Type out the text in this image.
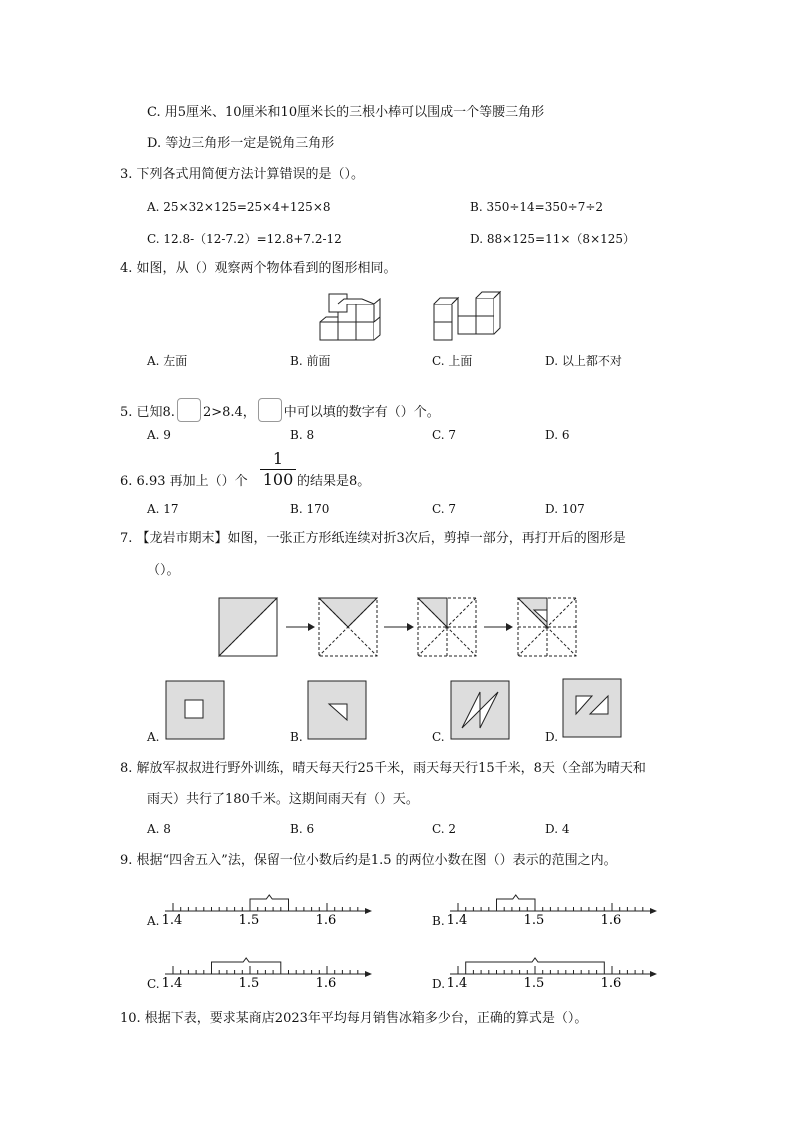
C. 用5厘米、10厘米和10厘米长的三根小棒可以围成一个等腰三角形
D. 等边三角形一定是锐角三角形
3. 下列各式用简便方法计算错误的是（）。
A. 25×32×125=25×4+125×8	B. 350÷14=350÷7÷2
C. 12.8-（12-7.2）=12.8+7.2-12	D. 88×125=11×（8×125）
4. 如图，从（）观察两个物体看到的图形相同。
A. 左面	B. 前面	C. 上面	D. 以上都不对
5. 已知8. 2>8.4， 中可以填的数字有（）个。
A. 9	B. 8	C. 7	D. 6
6. 6.93 再加上（）个
1
100 的结果是8。
A. 17	B. 170	C. 7	D. 107
7. 【龙岩市期末】如图，一张正方形纸连续对折3次后，剪掉一部分，再打开后的图形是
（）。
A.	B.	C.	D.
8. 解放军叔叔进行野外训练，晴天每天行25千米，雨天每天行15千米，8天（全部为晴天和
雨天）共行了180千米。这期间雨天有（）天。
A. 8	B. 6	C. 2	D. 4
9. 根据“四舍五入”法，保留一位小数后约是1.5 的两位小数在图（）表示的范围之内。
A. 1.4	1.5	1.6	B. 1.4	1.5	1.6
C. 1.4	1.5	1.6	D. 1.4	1.5	1.6
10. 根据下表，要求某商店2023年平均每月销售冰箱多少台，正确的算式是（）。
